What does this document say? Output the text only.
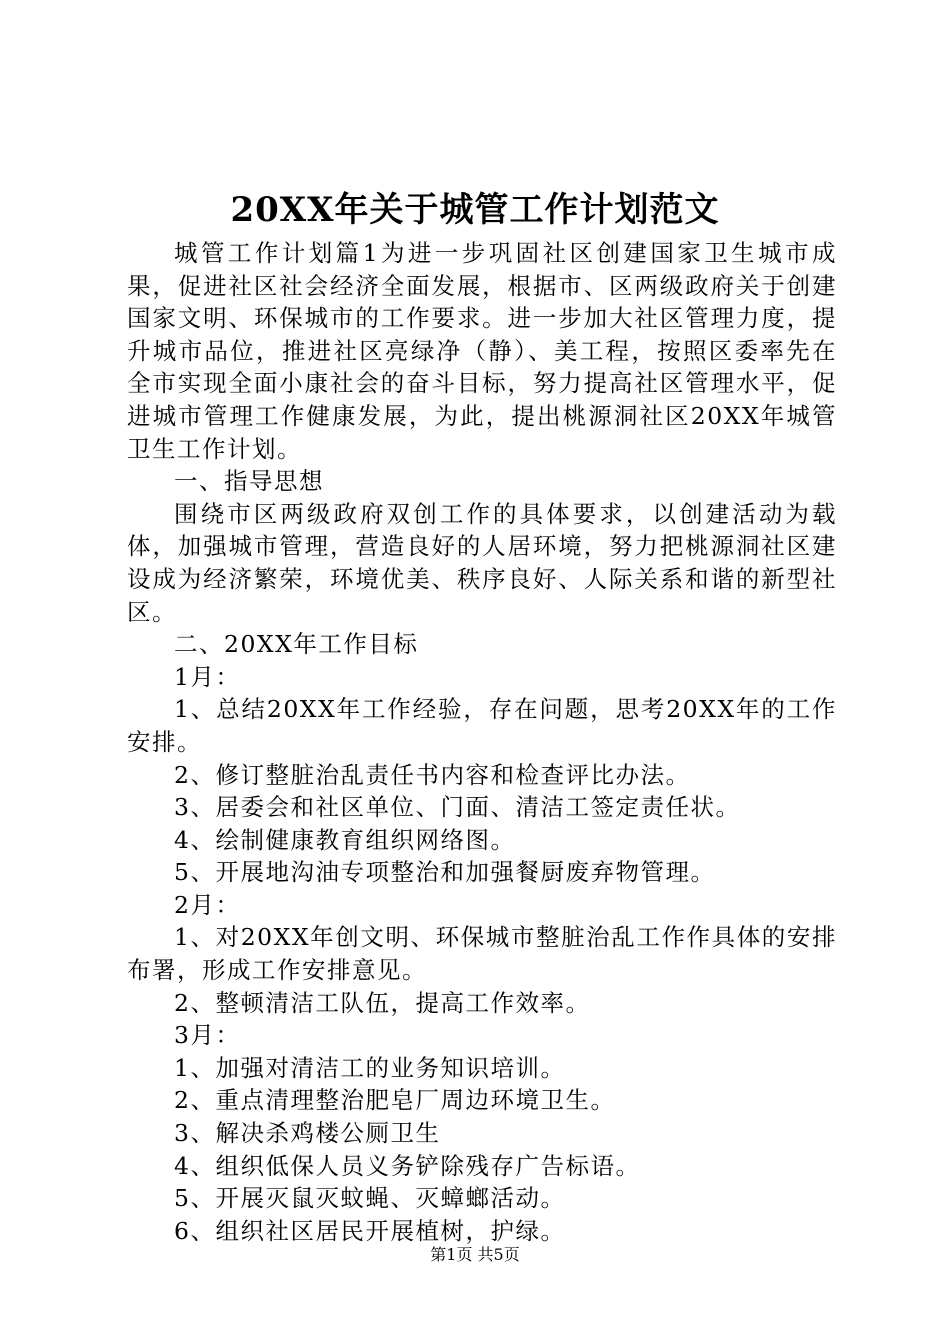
20XX年关于城管工作计划范文

城管工作计划篇1为进一步巩固社区创建国家卫生城市成果，促进社区社会经济全面发展，根据市、区两级政府关于创建国家文明、环保城市的工作要求。进一步加大社区管理力度，提升城市品位，推进社区亮绿净（静）、美工程，按照区委率先在全市实现全面小康社会的奋斗目标，努力提高社区管理水平，促进城市管理工作健康发展，为此，提出桃源洞社区20XX年城管卫生工作计划。

一、指导思想

围绕市区两级政府双创工作的具体要求，以创建活动为载体，加强城市管理，营造良好的人居环境，努力把桃源洞社区建设成为经济繁荣，环境优美、秩序良好、人际关系和谐的新型社区。

二、20XX年工作目标

1月：

1、总结20XX年工作经验，存在问题，思考20XX年的工作安排。

2、修订整脏治乱责任书内容和检查评比办法。

3、居委会和社区单位、门面、清洁工签定责任状。

4、绘制健康教育组织网络图。

5、开展地沟油专项整治和加强餐厨废弃物管理。

2月：

1、对20XX年创文明、环保城市整脏治乱工作作具体的安排布署，形成工作安排意见。

2、整顿清洁工队伍，提高工作效率。

3月：

1、加强对清洁工的业务知识培训。

2、重点清理整治肥皂厂周边环境卫生。

3、解决杀鸡楼公厕卫生

4、组织低保人员义务铲除残存广告标语。

5、开展灭鼠灭蚊蝇、灭蟑螂活动。

6、组织社区居民开展植树，护绿。

第1页 共5页
